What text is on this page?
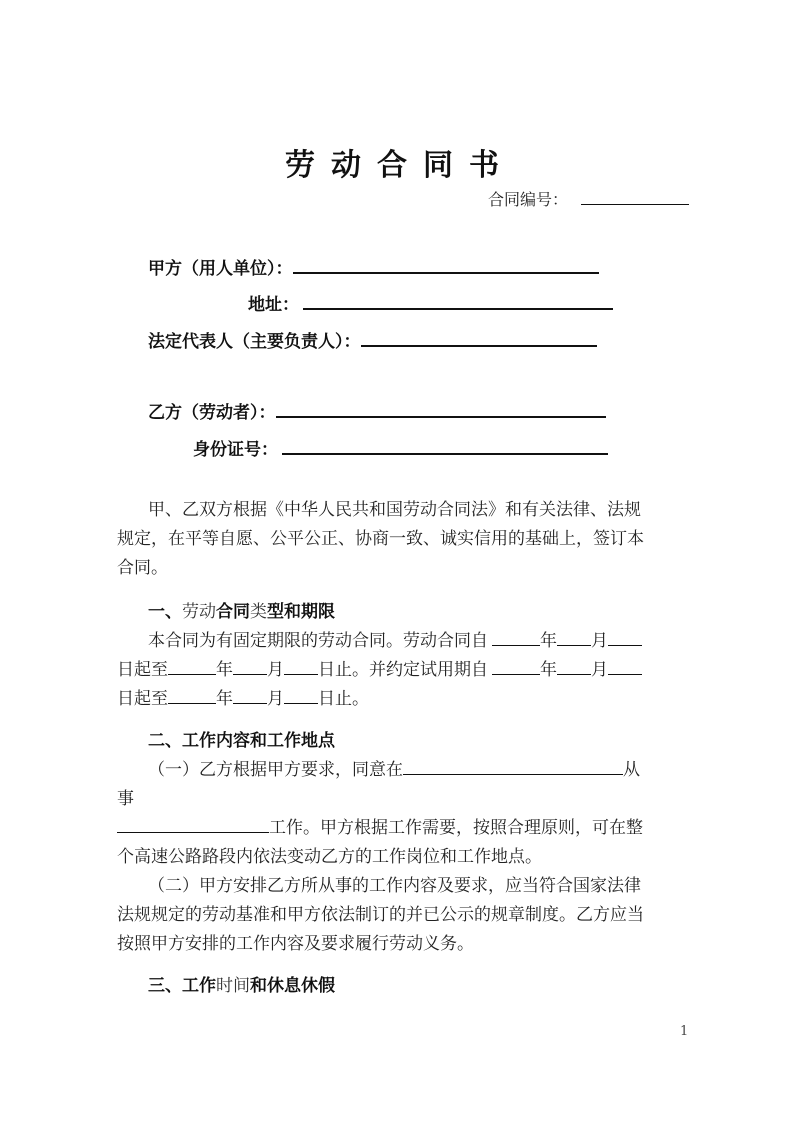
劳动合同书
合同编号：
甲方（用人单位）：
地址：
法定代表人（主要负责人）：
乙方（劳动者）：
身份证号：
甲、乙双方根据《中华人民共和国劳动合同法》和有关法律、法规
规定，在平等自愿、公平公正、协商一致、诚实信用的基础上，签订本
合同。
一、劳动合同类型和期限
本合同为有固定期限的劳动合同。劳动合同自	年 月
日起至	年 月 日止。并约定试用期自	年 月
日起至	年 月 日止。
二、工作内容和工作地点
（一）乙方根据甲方要求，同意在	从
事
工作。甲方根据工作需要，按照合理原则，可在整
个高速公路路段内依法变动乙方的工作岗位和工作地点。
（二）甲方安排乙方所从事的工作内容及要求，应当符合国家法律
法规规定的劳动基准和甲方依法制订的并已公示的规章制度。乙方应当
按照甲方安排的工作内容及要求履行劳动义务。
三、工作时间和休息休假
1
